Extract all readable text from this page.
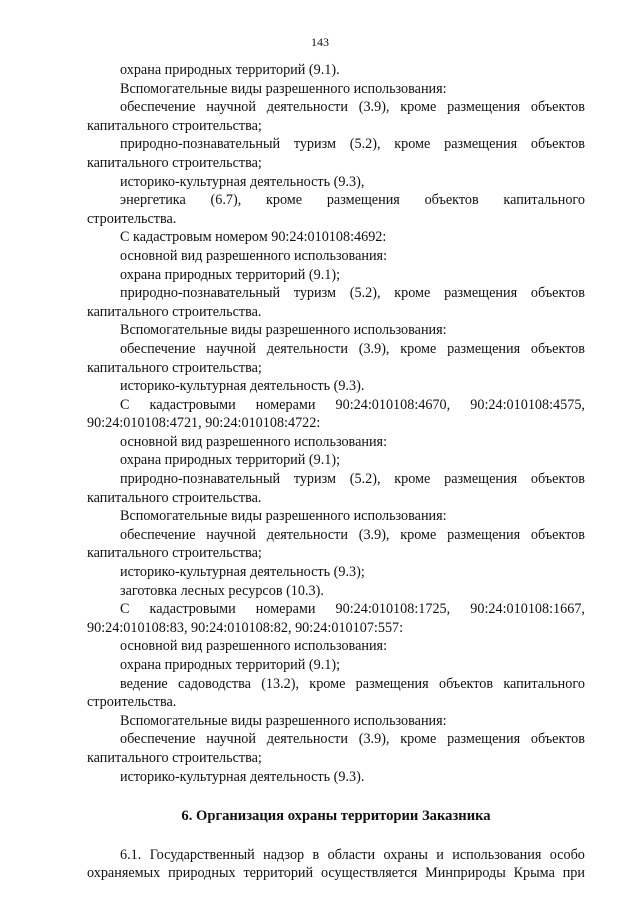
143
охрана природных территорий (9.1).
Вспомогательные виды разрешенного использования:
обеспечение научной деятельности (3.9), кроме размещения объектов
капитального строительства;
природно-познавательный туризм (5.2), кроме размещения объектов
капитального строительства;
историко-культурная деятельность (9.3),
энергетика (6.7), кроме размещения объектов капитального
строительства.
С кадастровым номером 90:24:010108:4692:
основной вид разрешенного использования:
охрана природных территорий (9.1);
природно-познавательный туризм (5.2), кроме размещения объектов
капитального строительства.
Вспомогательные виды разрешенного использования:
обеспечение научной деятельности (3.9), кроме размещения объектов
капитального строительства;
историко-культурная деятельность (9.3).
С кадастровыми номерами 90:24:010108:4670, 90:24:010108:4575,
90:24:010108:4721, 90:24:010108:4722:
основной вид разрешенного использования:
охрана природных территорий (9.1);
природно-познавательный туризм (5.2), кроме размещения объектов
капитального строительства.
Вспомогательные виды разрешенного использования:
обеспечение научной деятельности (3.9), кроме размещения объектов
капитального строительства;
историко-культурная деятельность (9.3);
заготовка лесных ресурсов (10.3).
С кадастровыми номерами 90:24:010108:1725, 90:24:010108:1667,
90:24:010108:83, 90:24:010108:82, 90:24:010107:557:
основной вид разрешенного использования:
охрана природных территорий (9.1);
ведение садоводства (13.2), кроме размещения объектов капитального
строительства.
Вспомогательные виды разрешенного использования:
обеспечение научной деятельности (3.9), кроме размещения объектов
капитального строительства;
историко-культурная деятельность (9.3).
6. Организация охраны территории Заказника
6.1. Государственный надзор в области охраны и использования особо
охраняемых природных территорий осуществляется Минприроды Крыма при
